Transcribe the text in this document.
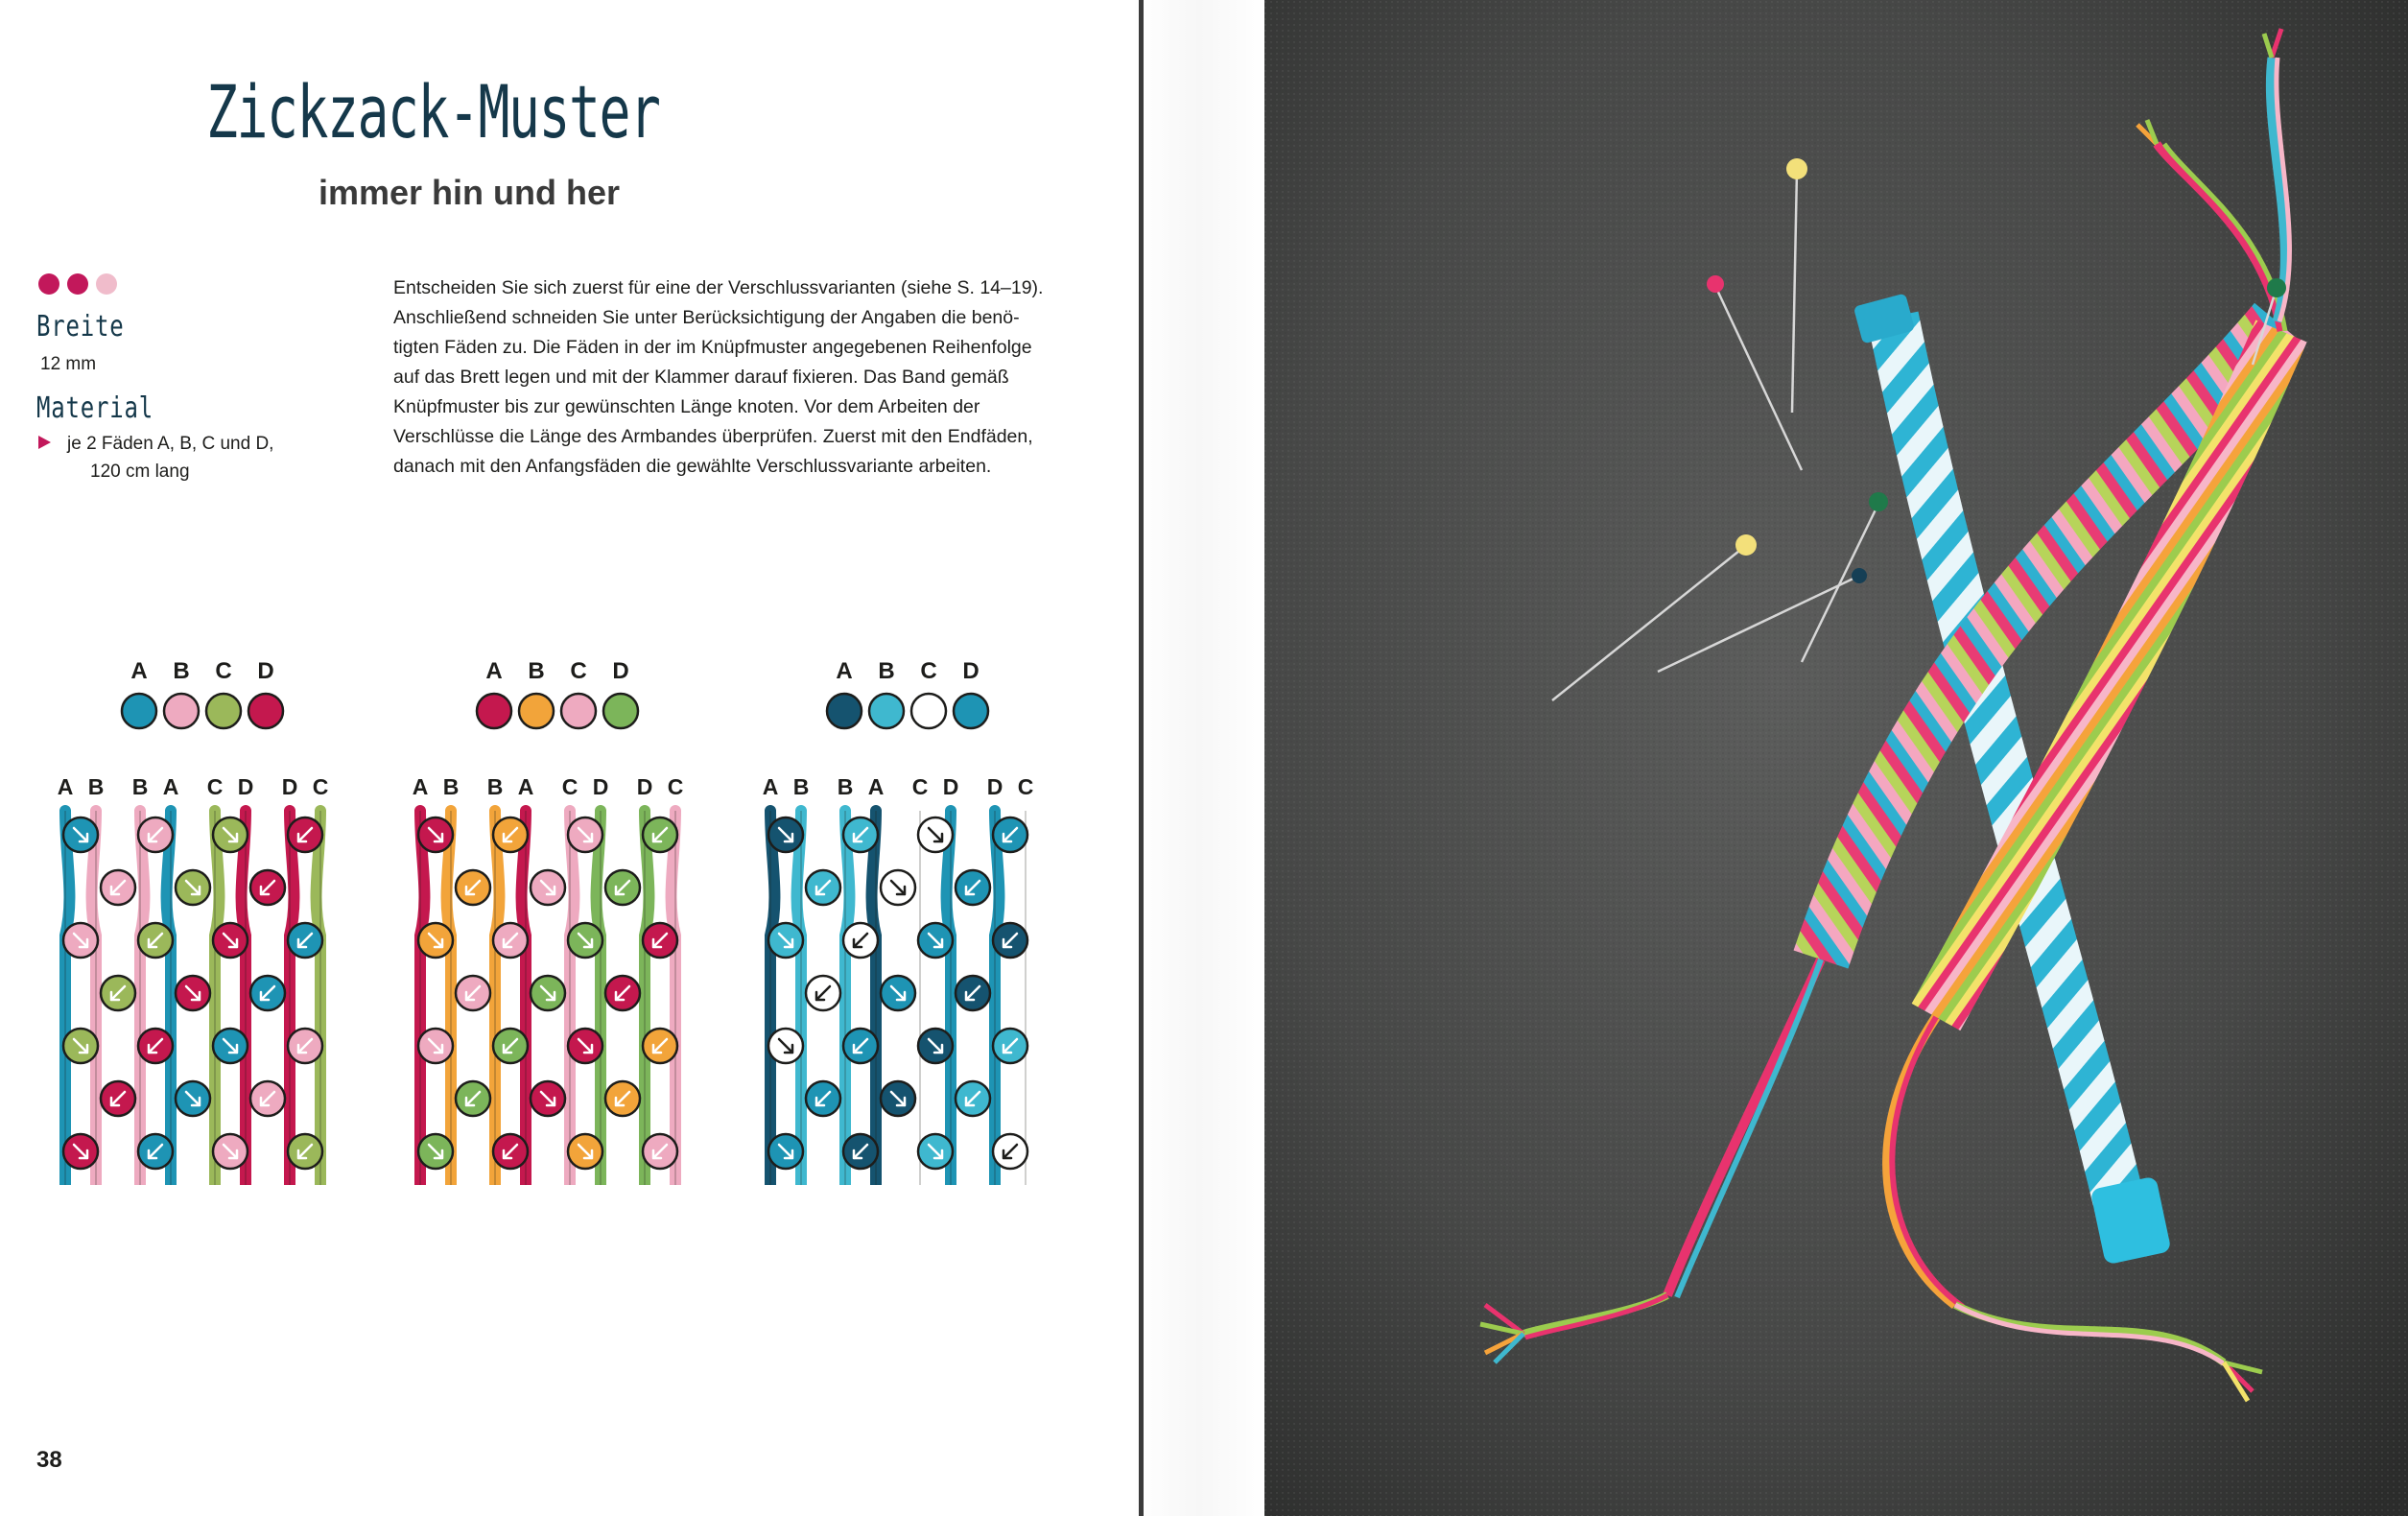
Zickzack-Muster
immer hin und her
Breite
12 mm
Material
je 2 Fäden A, B, C und D,
120 cm lang

Entscheiden Sie sich zuerst für eine der Verschlussvarianten (siehe S. 14–19).

Anschließend schneiden Sie unter Berücksichtigung der Angaben die benö-

tigten Fäden zu. Die Fäden in der im Knüpfmuster angegebenen Reihenfolge

auf das Brett legen und mit der Klammer darauf fixieren. Das Band gemäß

Knüpfmuster bis zur gewünschten Länge knoten. Vor dem Arbeiten der

Verschlüsse die Länge des Armbandes überprüfen. Zuerst mit den Endfäden,

danach mit den Anfangsfäden die gewählte Verschlussvariante arbeiten.

A B C D
A B B A C D D C
A B C D
A B B A C D D C
A B C D
A B B A C D D C
38
